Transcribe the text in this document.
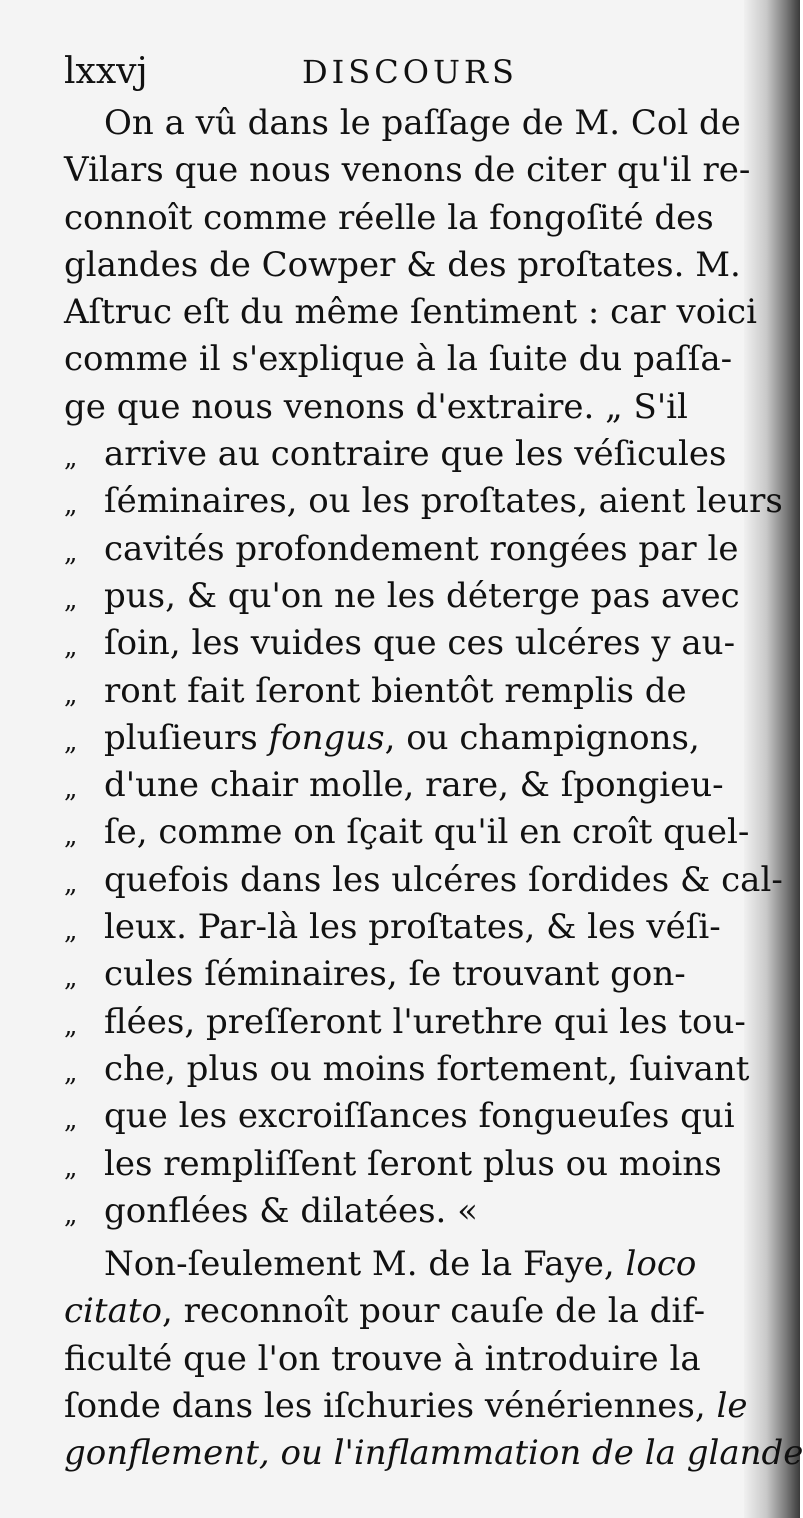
lxxvj	DISCOURS
On a vû dans le paſſage de M. Col de
Vilars que nous venons de citer qu'il re-
connoît comme réelle la fongoſité des
glandes de Cowper & des proſtates. M.
Aſtruc eſt du même ſentiment : car voici
comme il s'explique à la ſuite du paſſa-
ge que nous venons d'extraire. „ S'il
„ arrive au contraire que les véſicules
„ ſéminaires, ou les proſtates, aient leurs
„ cavités profondement rongées par le
„ pus, & qu'on ne les déterge pas avec
„ ſoin, les vuides que ces ulcéres y au-
„ ront fait ſeront bientôt remplis de
„ pluſieurs fongus, ou champignons,
„ d'une chair molle, rare, & ſpongieu-
„ ſe, comme on ſçait qu'il en croît quel-
„ quefois dans les ulcéres ſordides & cal-
„ leux. Par-là les proſtates, & les véſi-
„ cules ſéminaires, ſe trouvant gon-
„ flées, preſſeront l'urethre qui les tou-
„ che, plus ou moins fortement, ſuivant
„ que les excroiſſances fongueuſes qui
„ les rempliſſent ſeront plus ou moins
„ gonflées & dilatées. «
Non-ſeulement M. de la Faye, loco
citato, reconnoît pour cauſe de la dif-
ficulté que l'on trouve à introduire la
ſonde dans les iſchuries vénériennes, le
gonflement, ou l'inflammation de la glande
